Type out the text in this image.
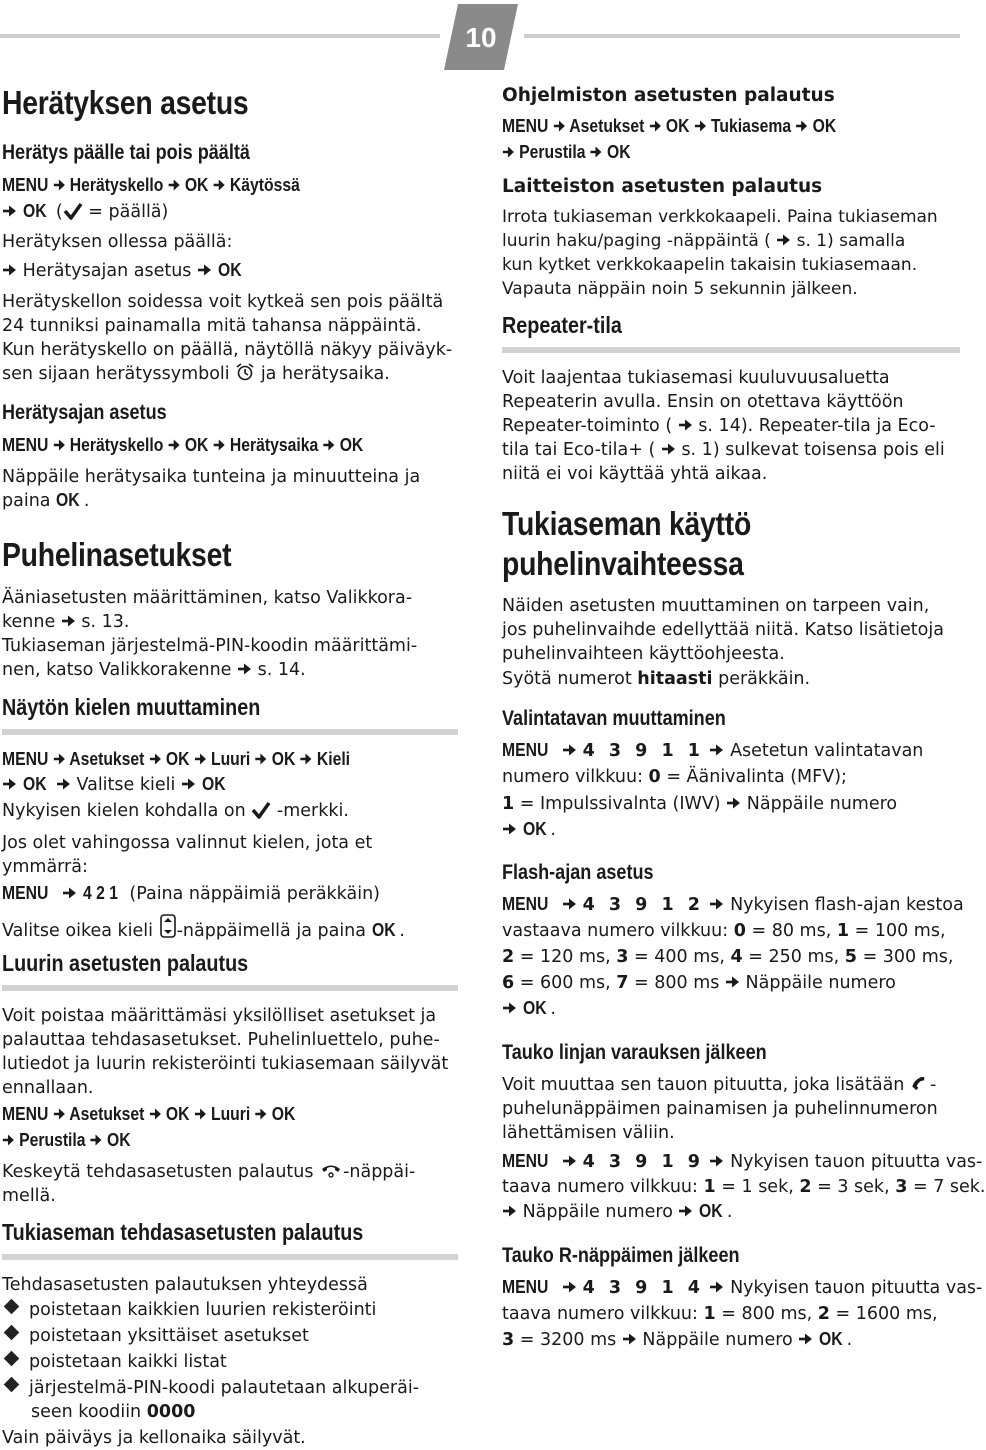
10
Herätyksen asetus
Herätys päälle tai pois päältä
MENU Herätyskello OK Käytössä
OK ( = päällä)
Herätyksen ollessa päällä:
Herätysajan asetus OK
Herätyskellon soidessa voit kytkeä sen pois päältä
24 tunniksi painamalla mitä tahansa näppäintä.
Kun herätyskello on päällä, näytöllä näkyy päiväyk-
sen sijaan herätyssymboli ja herätysaika.
Herätysajan asetus
MENU Herätyskello OK Herätysaika OK
Näppäile herätysaika tunteina ja minuutteina ja
paina OK .
Puhelinasetukset
Ääniasetusten määrittäminen, katso Valikkora-
kenne s. 13.
Tukiaseman järjestelmä-PIN-koodin määrittämi-
nen, katso Valikkorakenne s. 14.
Näytön kielen muuttaminen
MENU Asetukset OK Luuri OK Kieli
OK Valitse kieli OK
Nykyisen kielen kohdalla on -merkki.
Jos olet vahingossa valinnut kielen, jota et
ymmärrä:
MENU 4 2 1 (Paina näppäimiä peräkkäin)
Valitse oikea kieli -näppäimellä ja paina OK .
Luurin asetusten palautus
Voit poistaa määrittämäsi yksilölliset asetukset ja
palauttaa tehdasasetukset. Puhelinluettelo, puhe-
lutiedot ja luurin rekisteröinti tukiasemaan säilyvät
ennallaan.
MENU Asetukset OK Luuri OK
Perustila OK
Keskeytä tehdasasetusten palautus -näppäi-
mellä.
Tukiaseman tehdasasetusten palautus
Tehdasasetusten palautuksen yhteydessä
poistetaan kaikkien luurien rekisteröinti
poistetaan yksittäiset asetukset
poistetaan kaikki listat
järjestelmä-PIN-koodi palautetaan alkuperäi-
seen koodiin 0000
Vain päiväys ja kellonaika säilyvät.
Ohjelmiston asetusten palautus
MENU Asetukset OK Tukiasema OK
Perustila OK
Laitteiston asetusten palautus
Irrota tukiaseman verkkokaapeli. Paina tukiaseman
luurin haku/paging -näppäintä ( s. 1) samalla
kun kytket verkkokaapelin takaisin tukiasemaan.
Vapauta näppäin noin 5 sekunnin jälkeen.
Repeater-tila
Voit laajentaa tukiasemasi kuuluvuusaluetta
Repeaterin avulla. Ensin on otettava käyttöön
Repeater-toiminto ( s. 14). Repeater-tila ja Eco-
tila tai Eco-tila+ ( s. 1) sulkevat toisensa pois eli
niitä ei voi käyttää yhtä aikaa.
Tukiaseman käyttö
puhelinvaihteessa
Näiden asetusten muuttaminen on tarpeen vain,
jos puhelinvaihde edellyttää niitä. Katso lisätietoja
puhelinvaihteen käyttöohjeesta.
Syötä numerot hitaasti peräkkäin.
Valintatavan muuttaminen
MENU 4 3 9 1 1 Asetetun valintatavan
numero vilkkuu: 0 = Äänivalinta (MFV);
1 = Impulssivalnta (IWV) Näppäile numero
OK .
Flash-ajan asetus
MENU 4 3 9 1 2 Nykyisen flash-ajan kestoa
vastaava numero vilkkuu: 0 = 80 ms, 1 = 100 ms,
2 = 120 ms, 3 = 400 ms, 4 = 250 ms, 5 = 300 ms,
6 = 600 ms, 7 = 800 ms Näppäile numero
OK .
Tauko linjan varauksen jälkeen
Voit muuttaa sen tauon pituutta, joka lisätään -
puhelunäppäimen painamisen ja puhelinnumeron
lähettämisen väliin.
MENU 4 3 9 1 9 Nykyisen tauon pituutta vas-
taava numero vilkkuu: 1 = 1 sek, 2 = 3 sek, 3 = 7 sek.
Näppäile numero OK .
Tauko R-näppäimen jälkeen
MENU 4 3 9 1 4 Nykyisen tauon pituutta vas-
taava numero vilkkuu: 1 = 800 ms, 2 = 1600 ms,
3 = 3200 ms Näppäile numero OK .
